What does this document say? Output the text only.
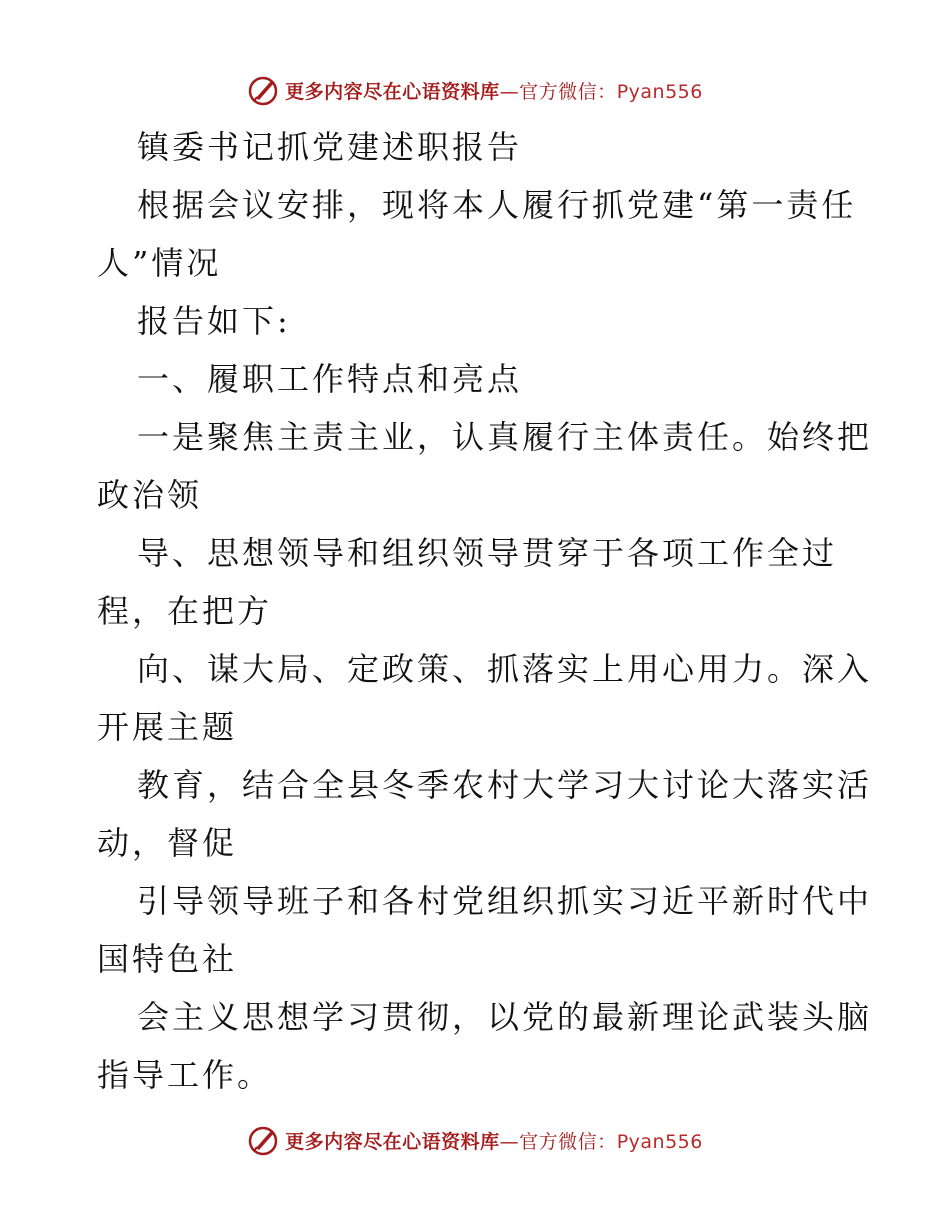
更多内容尽在心语资料库—官方微信：Pyan556
镇委书记抓党建述职报告
根据会议安排，现将本人履行抓党建“第一责任
人”情况
报告如下:
一、履职工作特点和亮点
一是聚焦主责主业，认真履行主体责任。始终把
政治领
导、思想领导和组织领导贯穿于各项工作全过
程，在把方
向、谋大局、定政策、抓落实上用心用力。深入
开展主题
教育，结合全县冬季农村大学习大讨论大落实活
动，督促
引导领导班子和各村党组织抓实习近平新时代中
国特色社
会主义思想学习贯彻，以党的最新理论武装头脑
指导工作。
更多内容尽在心语资料库—官方微信：Pyan556
